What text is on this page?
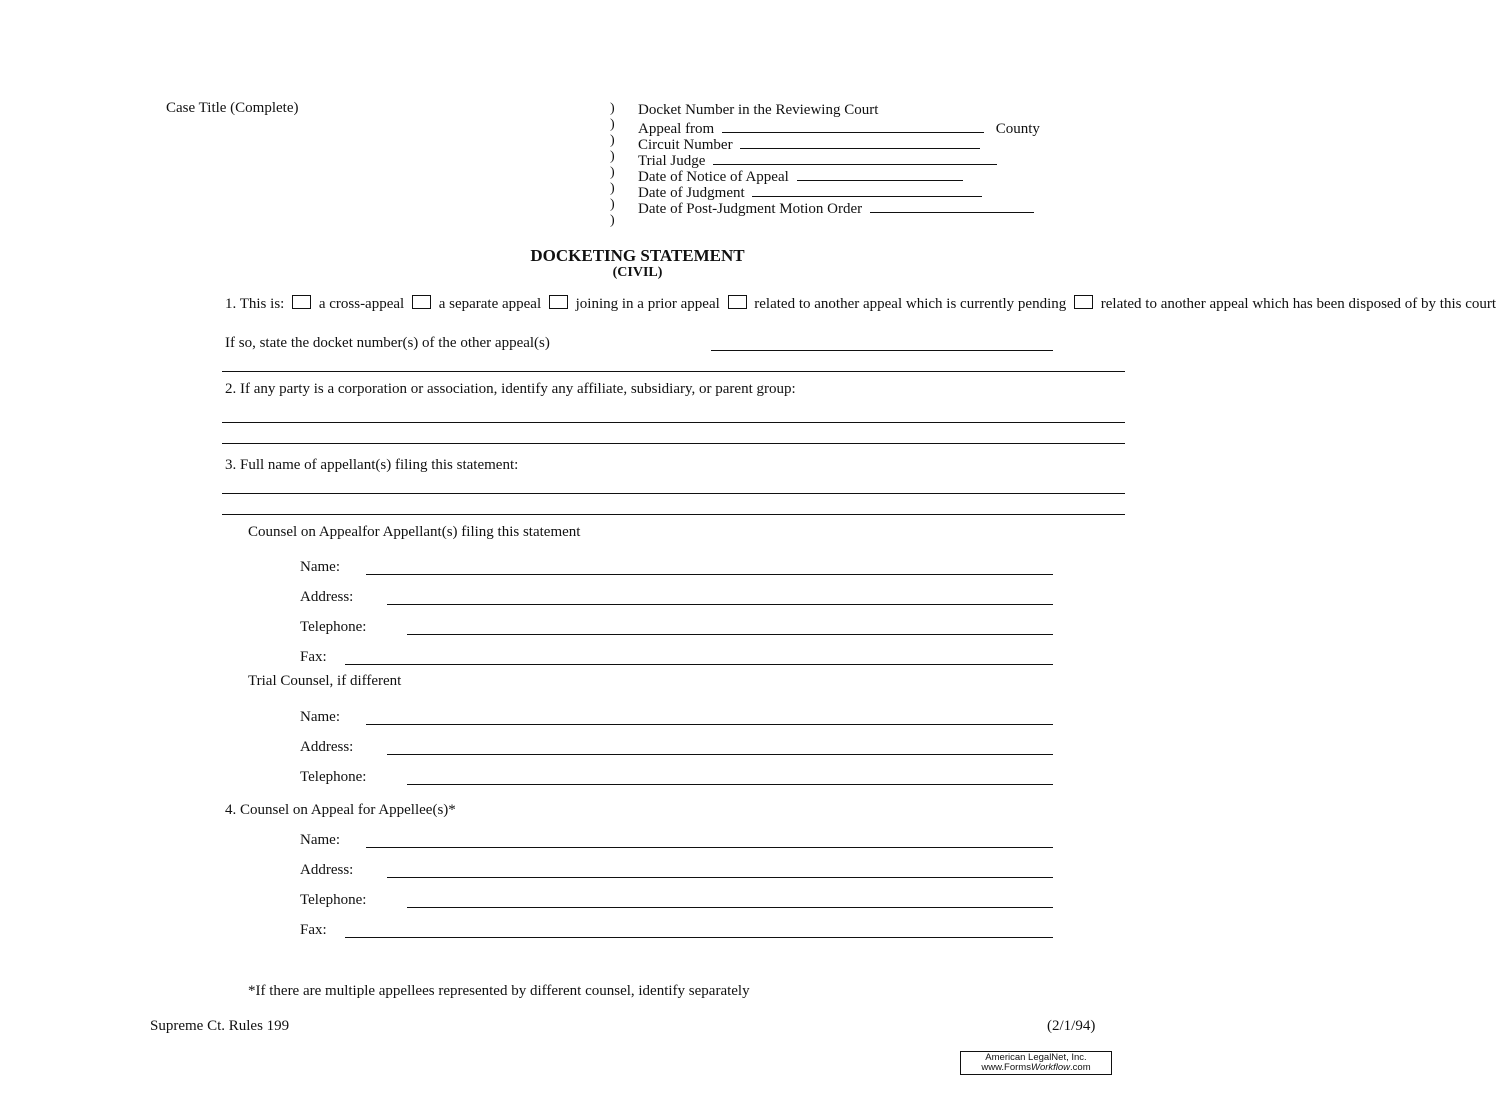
Case Title (Complete)	)
)
)
)
)
)
)
)
Docket Number in the Reviewing Court
Appeal from	County
Circuit Number
Trial Judge
Date of Notice of Appeal
Date of Judgment
Date of Post-Judgment Motion Order
DOCKETING STATEMENT
(CIVIL)
1. This is: a cross-appeal a separate appeal joining in a prior appeal related to another appeal which is currently pending related to another appeal which has been disposed of by this court
If so, state the docket number(s) of the other appeal(s)
2. If any party is a corporation or association, identify any affiliate, subsidiary, or parent group:
3. Full name of appellant(s) filing this statement:
Counsel on Appealfor Appellant(s) filing this statement
Name:
Address:
Telephone:
Fax:
Trial Counsel, if different
Name:
Address:
Telephone:
4. Counsel on Appeal for Appellee(s)*
Name:
Address:
Telephone:
Fax:
*If there are multiple appellees represented by different counsel, identify separately
Supreme Ct. Rules 199	(2/1/94)
American LegalNet, Inc.
www.FormsWorkflow.com
